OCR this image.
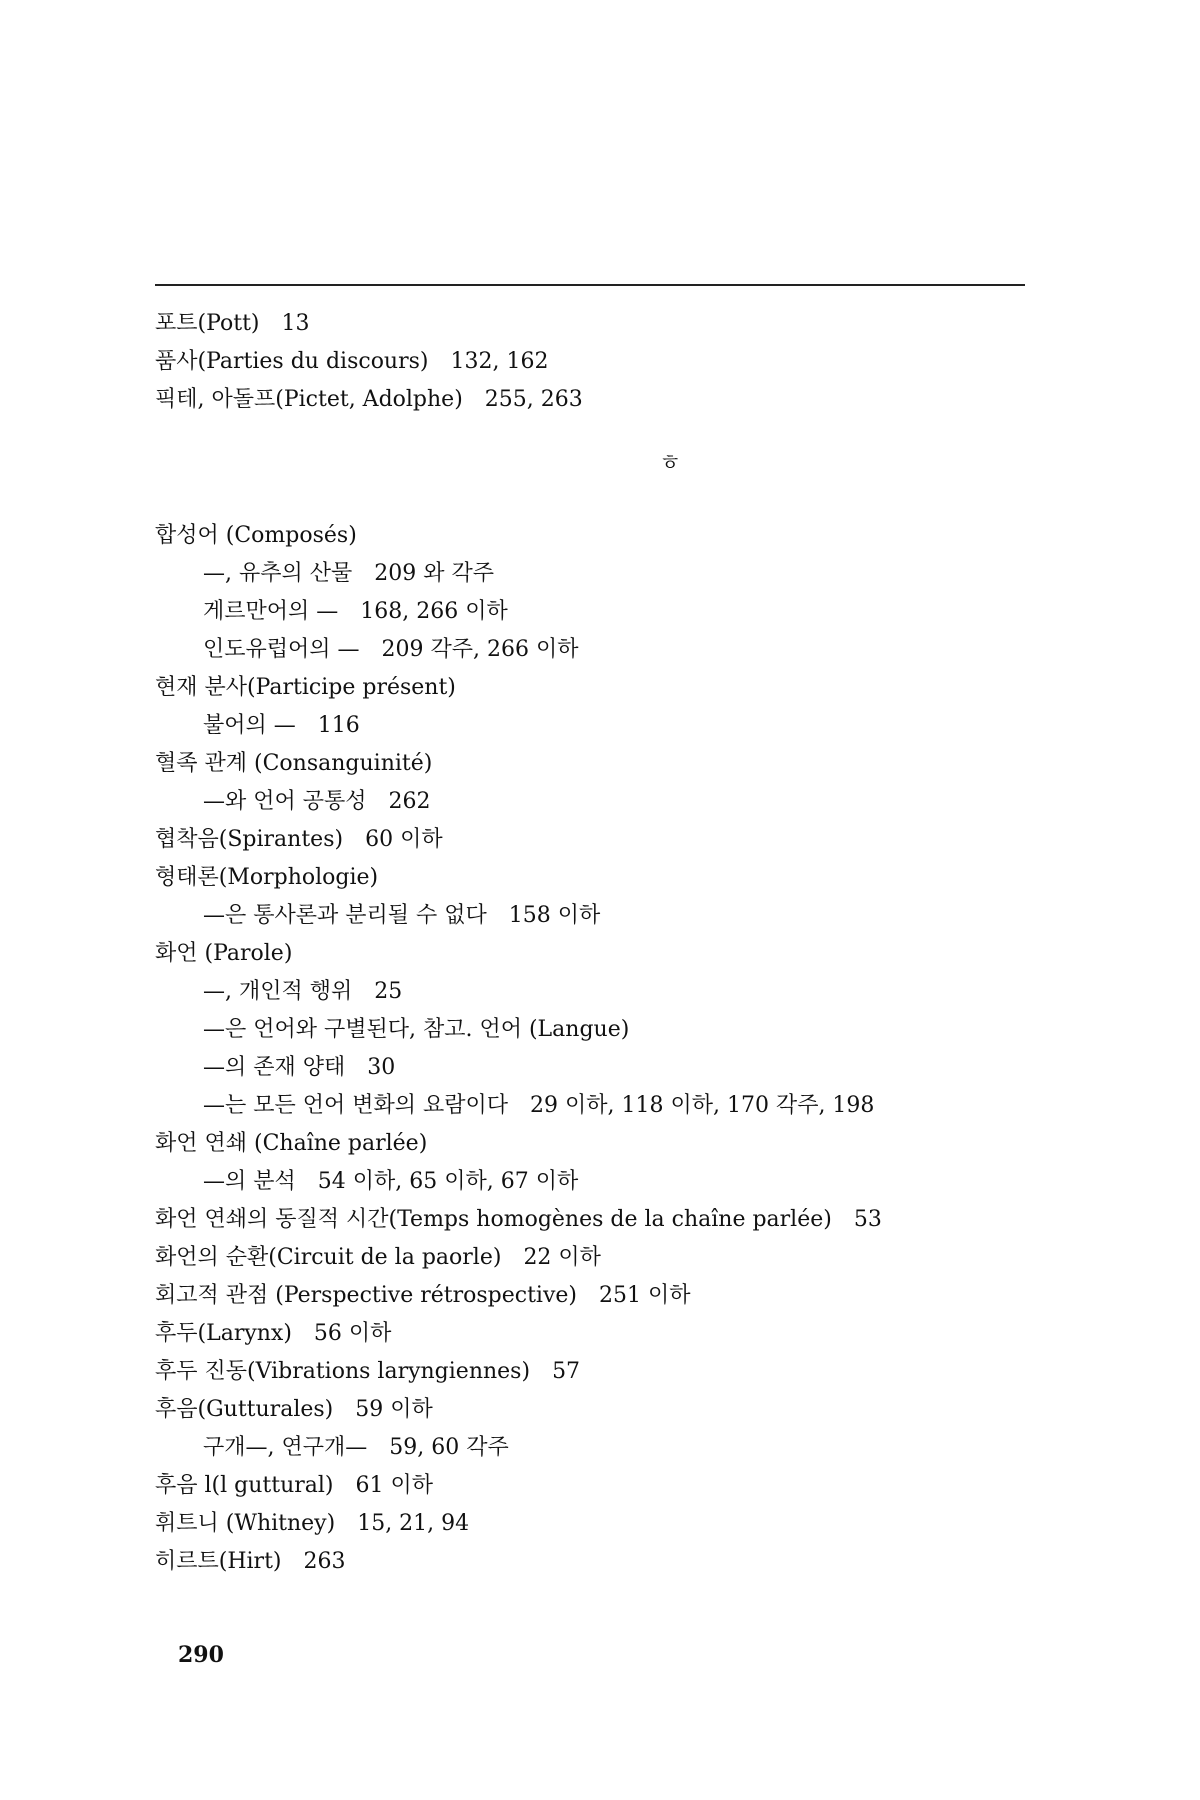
포트(Pott) 13
품사(Parties du discours) 132, 162
픽테, 아돌프(Pictet, Adolphe) 255, 263
ㅎ
합성어 (Composés)
—, 유추의 산물 209 와 각주
게르만어의 — 168, 266 이하
인도유럽어의 — 209 각주, 266 이하
현재 분사(Participe présent)
불어의 — 116
혈족 관계 (Consanguinité)
—와 언어 공통성 262
협착음(Spirantes) 60 이하
형태론(Morphologie)
—은 통사론과 분리될 수 없다 158 이하
화언 (Parole)
—, 개인적 행위 25
—은 언어와 구별된다, 참고. 언어 (Langue)
—의 존재 양태 30
—는 모든 언어 변화의 요람이다 29 이하, 118 이하, 170 각주, 198
화언 연쇄 (Chaîne parlée)
—의 분석 54 이하, 65 이하, 67 이하
화언 연쇄의 동질적 시간(Temps homogènes de la chaîne parlée) 53
화언의 순환(Circuit de la paorle) 22 이하
회고적 관점 (Perspective rétrospective) 251 이하
후두(Larynx) 56 이하
후두 진동(Vibrations laryngiennes) 57
후음(Gutturales) 59 이하
구개—, 연구개— 59, 60 각주
후음 l(l guttural) 61 이하
휘트니 (Whitney) 15, 21, 94
히르트(Hirt) 263
290
